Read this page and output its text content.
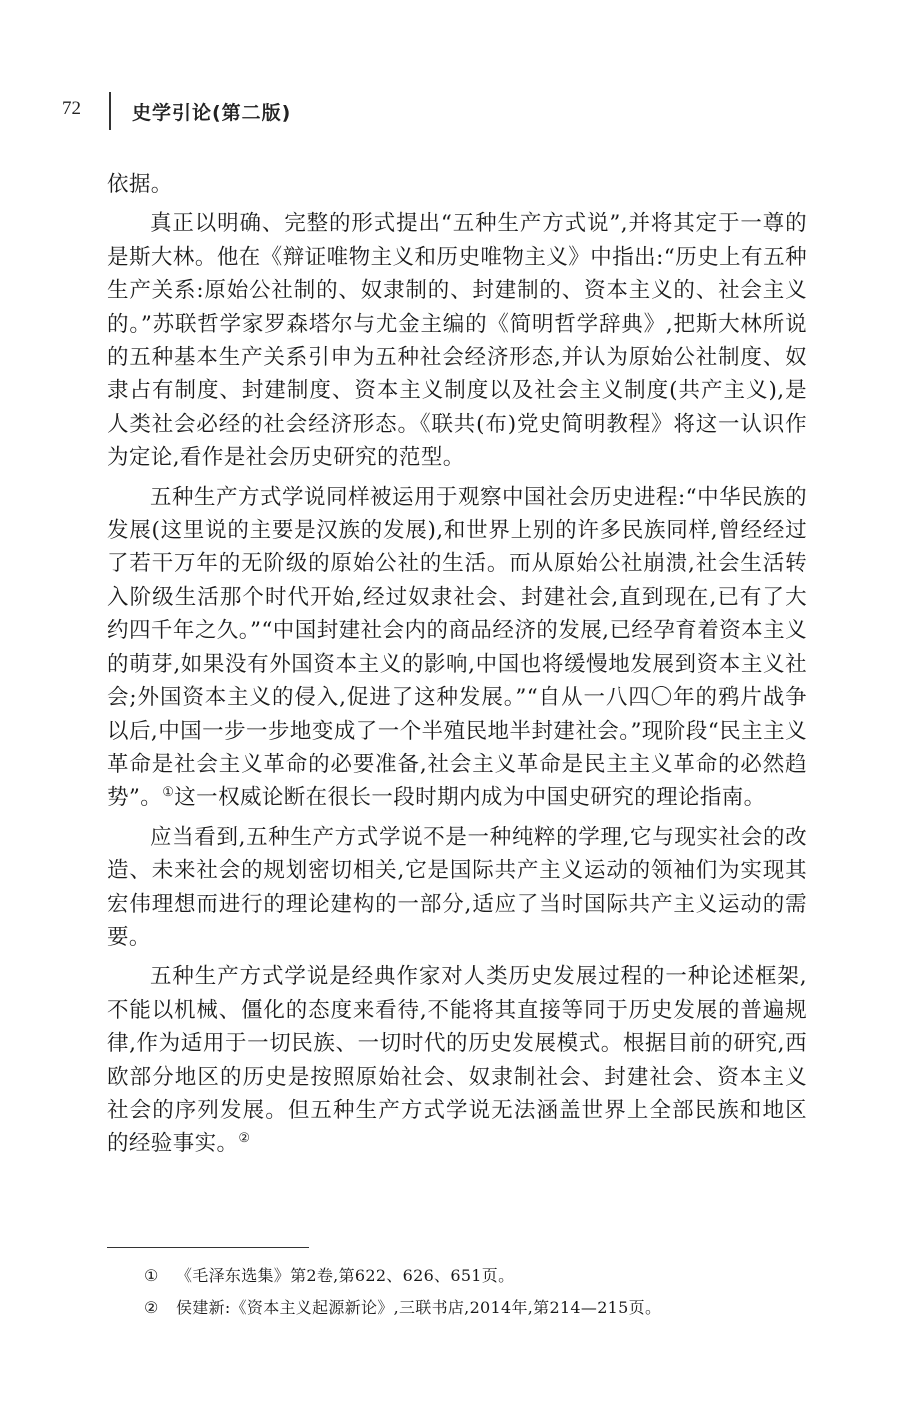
72	史学引论(第二版)

依据。

真正以明确、完整的形式提出“五种生产方式说”,并将其定于一尊的是斯大林。他在《辩证唯物主义和历史唯物主义》中指出:“历史上有五种生产关系:原始公社制的、奴隶制的、封建制的、资本主义的、社会主义的。”苏联哲学家罗森塔尔与尤金主编的《简明哲学辞典》,把斯大林所说的五种基本生产关系引申为五种社会经济形态,并认为原始公社制度、奴隶占有制度、封建制度、资本主义制度以及社会主义制度(共产主义),是人类社会必经的社会经济形态。《联共(布)党史简明教程》将这一认识作为定论,看作是社会历史研究的范型。

五种生产方式学说同样被运用于观察中国社会历史进程:“中华民族的发展(这里说的主要是汉族的发展),和世界上别的许多民族同样,曾经经过了若干万年的无阶级的原始公社的生活。而从原始公社崩溃,社会生活转入阶级生活那个时代开始,经过奴隶社会、封建社会,直到现在,已有了大约四千年之久。”“中国封建社会内的商品经济的发展,已经孕育着资本主义的萌芽,如果没有外国资本主义的影响,中国也将缓慢地发展到资本主义社会;外国资本主义的侵入,促进了这种发展。”“自从一八四〇年的鸦片战争以后,中国一步一步地变成了一个半殖民地半封建社会。”现阶段“民主主义革命是社会主义革命的必要准备,社会主义革命是民主主义革命的必然趋势”。①这一权威论断在很长一段时期内成为中国史研究的理论指南。

应当看到,五种生产方式学说不是一种纯粹的学理,它与现实社会的改造、未来社会的规划密切相关,它是国际共产主义运动的领袖们为实现其宏伟理想而进行的理论建构的一部分,适应了当时国际共产主义运动的需要。

五种生产方式学说是经典作家对人类历史发展过程的一种论述框架,不能以机械、僵化的态度来看待,不能将其直接等同于历史发展的普遍规律,作为适用于一切民族、一切时代的历史发展模式。根据目前的研究,西欧部分地区的历史是按照原始社会、奴隶制社会、封建社会、资本主义社会的序列发展。但五种生产方式学说无法涵盖世界上全部民族和地区的经验事实。②

① 《毛泽东选集》第2卷,第622、626、651页。
② 侯建新:《资本主义起源新论》,三联书店,2014年,第214—215页。
